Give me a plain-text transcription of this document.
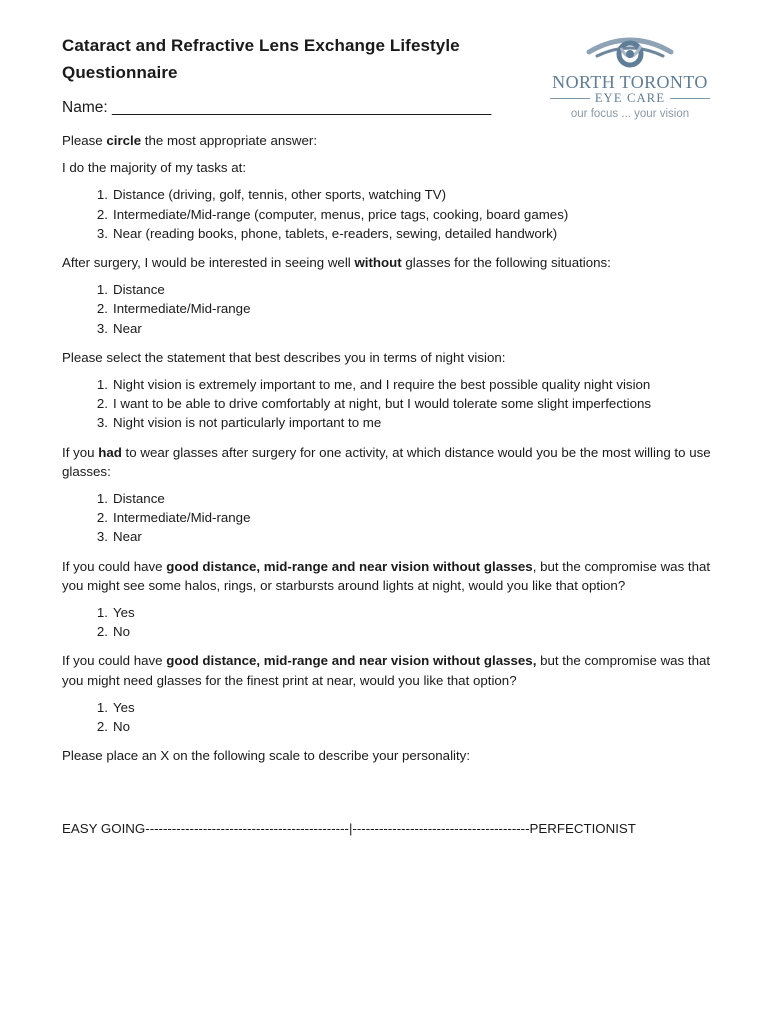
Cataract and Refractive Lens Exchange Lifestyle Questionnaire
Name: ____________________________________________
NORTH TORONTO
EYE CARE
our focus ... your vision

Please circle the most appropriate answer:

I do the majority of my tasks at:

1. Distance (driving, golf, tennis, other sports, watching TV)
2. Intermediate/Mid-range (computer, menus, price tags, cooking, board games)
3. Near (reading books, phone, tablets, e-readers, sewing, detailed handwork)

After surgery, I would be interested in seeing well without glasses for the following situations:

1. Distance
2. Intermediate/Mid-range
3. Near

Please select the statement that best describes you in terms of night vision:

1. Night vision is extremely important to me, and I require the best possible quality night vision
2. I want to be able to drive comfortably at night, but I would tolerate some slight imperfections
3. Night vision is not particularly important to me

If you had to wear glasses after surgery for one activity, at which distance would you be the most willing to use glasses:

1. Distance
2. Intermediate/Mid-range
3. Near

If you could have good distance, mid-range and near vision without glasses, but the compromise was that you might see some halos, rings, or starbursts around lights at night, would you like that option?

1. Yes
2. No

If you could have good distance, mid-range and near vision without glasses, but the compromise was that you might need glasses for the finest print at near, would you like that option?

1. Yes
2. No

Please place an X on the following scale to describe your personality:

EASY GOING----------------------------------------------|----------------------------------------PERFECTIONIST
